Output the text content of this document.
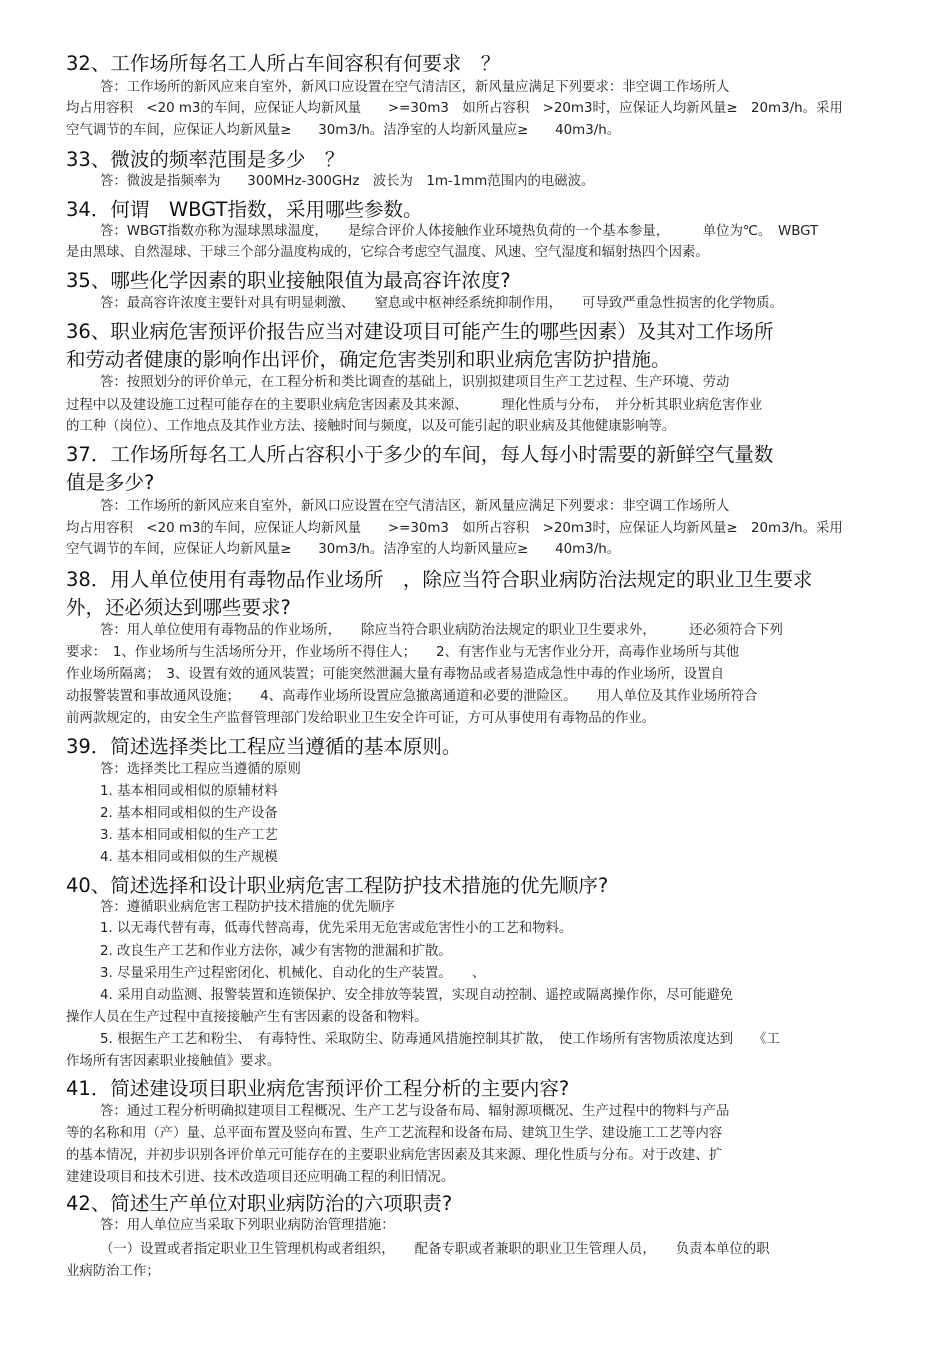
32、工作场所每名工人所占车间容积有何要求　？
答：工作场所的新风应来自室外，新风口应设置在空气清洁区，新风量应满足下列要求：非空调工作场所人
均占用容积　<20 m3的车间，应保证人均新风量　　>=30m3　如所占容积　>20m3时，应保证人均新风量≥　20m3/h。采用
空气调节的车间，应保证人均新风量≥　　30m3/h。洁净室的人均新风量应≥　　40m3/h。
33、微波的频率范围是多少　？
答：微波是指频率为　　300MHz-300GHz　波长为　1m-1mm范围内的电磁波。
34．何谓　WBGT指数，采用哪些参数。
答：WBGT指数亦称为湿球黑球温度，　　是综合评价人体接触作业环境热负荷的一个基本参量，　　　单位为℃。　WBGT
是由黑球、自然湿球、干球三个部分温度构成的，它综合考虑空气温度、风速、空气湿度和辐射热四个因素。
35、哪些化学因素的职业接触限值为最高容许浓度?
答：最高容许浓度主要针对具有明显刺激、　　窒息或中枢神经系统抑制作用，　　可导致严重急性损害的化学物质。
36、职业病危害预评价报告应当对建设项目可能产生的哪些因素）及其对工作场所
和劳动者健康的影响作出评价，确定危害类别和职业病危害防护措施。
答：按照划分的评价单元，在工程分析和类比调查的基础上，识别拟建项目生产工艺过程、生产环境、劳动
过程中以及建设施工过程可能存在的主要职业病危害因素及其来源、　　　理化性质与分布，　并分析其职业病危害作业
的工种（岗位）、工作地点及其作业方法、接触时间与频度，以及可能引起的职业病及其他健康影响等。
37．工作场所每名工人所占容积小于多少的车间，每人每小时需要的新鲜空气量数
值是多少?
答：工作场所的新风应来自室外，新风口应设置在空气清洁区，新风量应满足下列要求：非空调工作场所人
均占用容积　<20 m3的车间，应保证人均新风量　　>=30m3　如所占容积　>20m3时，应保证人均新风量≥　20m3/h。采用
空气调节的车间，应保证人均新风量≥　　30m3/h。洁净室的人均新风量应≥　　40m3/h。
38．用人单位使用有毒物品作业场所　，除应当符合职业病防治法规定的职业卫生要求
外，还必须达到哪些要求?
答：用人单位使用有毒物品的作业场所，　　除应当符合职业病防治法规定的职业卫生要求外，　　　还必须符合下列
要求：　1、作业场所与生活场所分开，作业场所不得住人；　　2、有害作业与无害作业分开，高毒作业场所与其他
作业场所隔离；　3、设置有效的通风装置；可能突然泄漏大量有毒物品或者易造成急性中毒的作业场所，设置自
动报警装置和事故通风设施；　　4、高毒作业场所设置应急撤离通道和必要的泄险区。　　用人单位及其作业场所符合
前两款规定的，由安全生产监督管理部门发给职业卫生安全许可证，方可从事使用有毒物品的作业。
39．简述选择类比工程应当遵循的基本原则。
答：选择类比工程应当遵循的原则
1. 基本相同或相似的原辅材料
2. 基本相同或相似的生产设备
3. 基本相同或相似的生产工艺
4. 基本相同或相似的生产规模
40、简述选择和设计职业病危害工程防护技术措施的优先顺序?
答：遵循职业病危害工程防护技术措施的优先顺序
1. 以无毒代替有毒，低毒代替高毒，优先采用无危害或危害性小的工艺和物料。
2. 改良生产工艺和作业方法你，减少有害物的泄漏和扩散。
3. 尽量采用生产过程密闭化、机械化、自动化的生产装置。　　、
4. 采用自动监测、报警装置和连锁保护、安全排放等装置，实现自动控制、遥控或隔离操作你，尽可能避免
操作人员在生产过程中直接接触产生有害因素的设备和物料。
5. 根据生产工艺和粉尘、　有毒特性、采取防尘、防毒通风措施控制其扩散，　使工作场所有害物质浓度达到　　《工
作场所有害因素职业接触值》要求。
41．简述建设项目职业病危害预评价工程分析的主要内容?
答：通过工程分析明确拟建项目工程概况、生产工艺与设备布局、辐射源项概况、生产过程中的物料与产品
等的名称和用（产）量、总平面布置及竖向布置、生产工艺流程和设备布局、建筑卫生学、建设施工工艺等内容
的基本情况，并初步识别各评价单元可能存在的主要职业病危害因素及其来源、理化性质与分布。对于改建、扩
建建设项目和技术引进、技术改造项目还应明确工程的利旧情况。
42、简述生产单位对职业病防治的六项职责?
答：用人单位应当采取下列职业病防治管理措施：
（一）设置或者指定职业卫生管理机构或者组织，　　配备专职或者兼职的职业卫生管理人员，　　负责本单位的职
业病防治工作；
